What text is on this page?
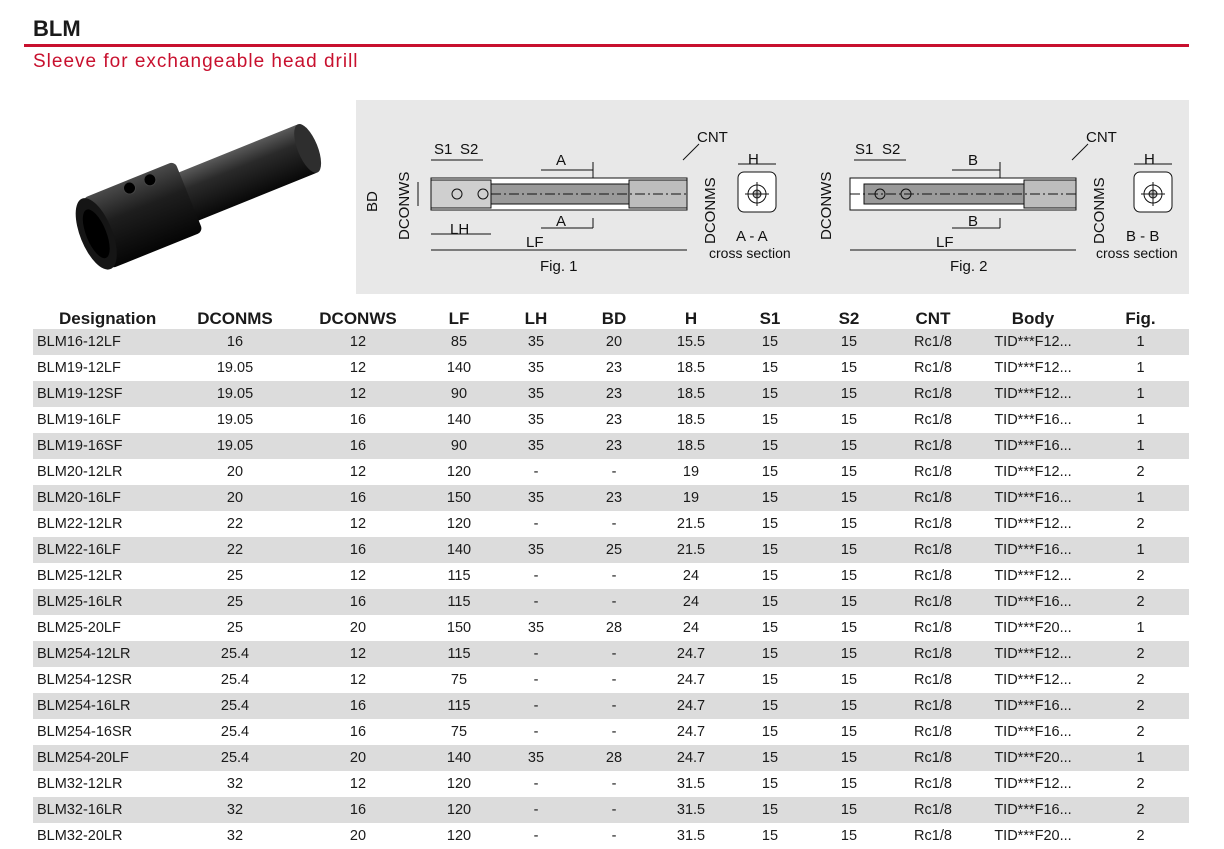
BLM
Sleeve for exchangeable head drill
S1 S2
A
A
CNT
H
LH
LF
Fig. 1
A - A
cross section
BD DCONWS	DCONMS
S1 S2
B
B
CNT
H
LF
Fig. 2
B - B
cross section
DCONWS	DCONMS
Designation	DCONMS	DCONWS	LF	LH	BD	H	S1	S2	CNT	Body	Fig.
BLM16-12LF	16	12	85	35	20	15.5	15	15	Rc1/8	TID***F12...	1
BLM19-12LF	19.05	12	140	35	23	18.5	15	15	Rc1/8	TID***F12...	1
BLM19-12SF	19.05	12	90	35	23	18.5	15	15	Rc1/8	TID***F12...	1
BLM19-16LF	19.05	16	140	35	23	18.5	15	15	Rc1/8	TID***F16...	1
BLM19-16SF	19.05	16	90	35	23	18.5	15	15	Rc1/8	TID***F16...	1
BLM20-12LR	20	12	120	-	-	19	15	15	Rc1/8	TID***F12...	2
BLM20-16LF	20	16	150	35	23	19	15	15	Rc1/8	TID***F16...	1
BLM22-12LR	22	12	120	-	-	21.5	15	15	Rc1/8	TID***F12...	2
BLM22-16LF	22	16	140	35	25	21.5	15	15	Rc1/8	TID***F16...	1
BLM25-12LR	25	12	115	-	-	24	15	15	Rc1/8	TID***F12...	2
BLM25-16LR	25	16	115	-	-	24	15	15	Rc1/8	TID***F16...	2
BLM25-20LF	25	20	150	35	28	24	15	15	Rc1/8	TID***F20...	1
BLM254-12LR	25.4	12	115	-	-	24.7	15	15	Rc1/8	TID***F12...	2
BLM254-12SR	25.4	12	75	-	-	24.7	15	15	Rc1/8	TID***F12...	2
BLM254-16LR	25.4	16	115	-	-	24.7	15	15	Rc1/8	TID***F16...	2
BLM254-16SR	25.4	16	75	-	-	24.7	15	15	Rc1/8	TID***F16...	2
BLM254-20LF	25.4	20	140	35	28	24.7	15	15	Rc1/8	TID***F20...	1
BLM32-12LR	32	12	120	-	-	31.5	15	15	Rc1/8	TID***F12...	2
BLM32-16LR	32	16	120	-	-	31.5	15	15	Rc1/8	TID***F16...	2
BLM32-20LR	32	20	120	-	-	31.5	15	15	Rc1/8	TID***F20...	2
